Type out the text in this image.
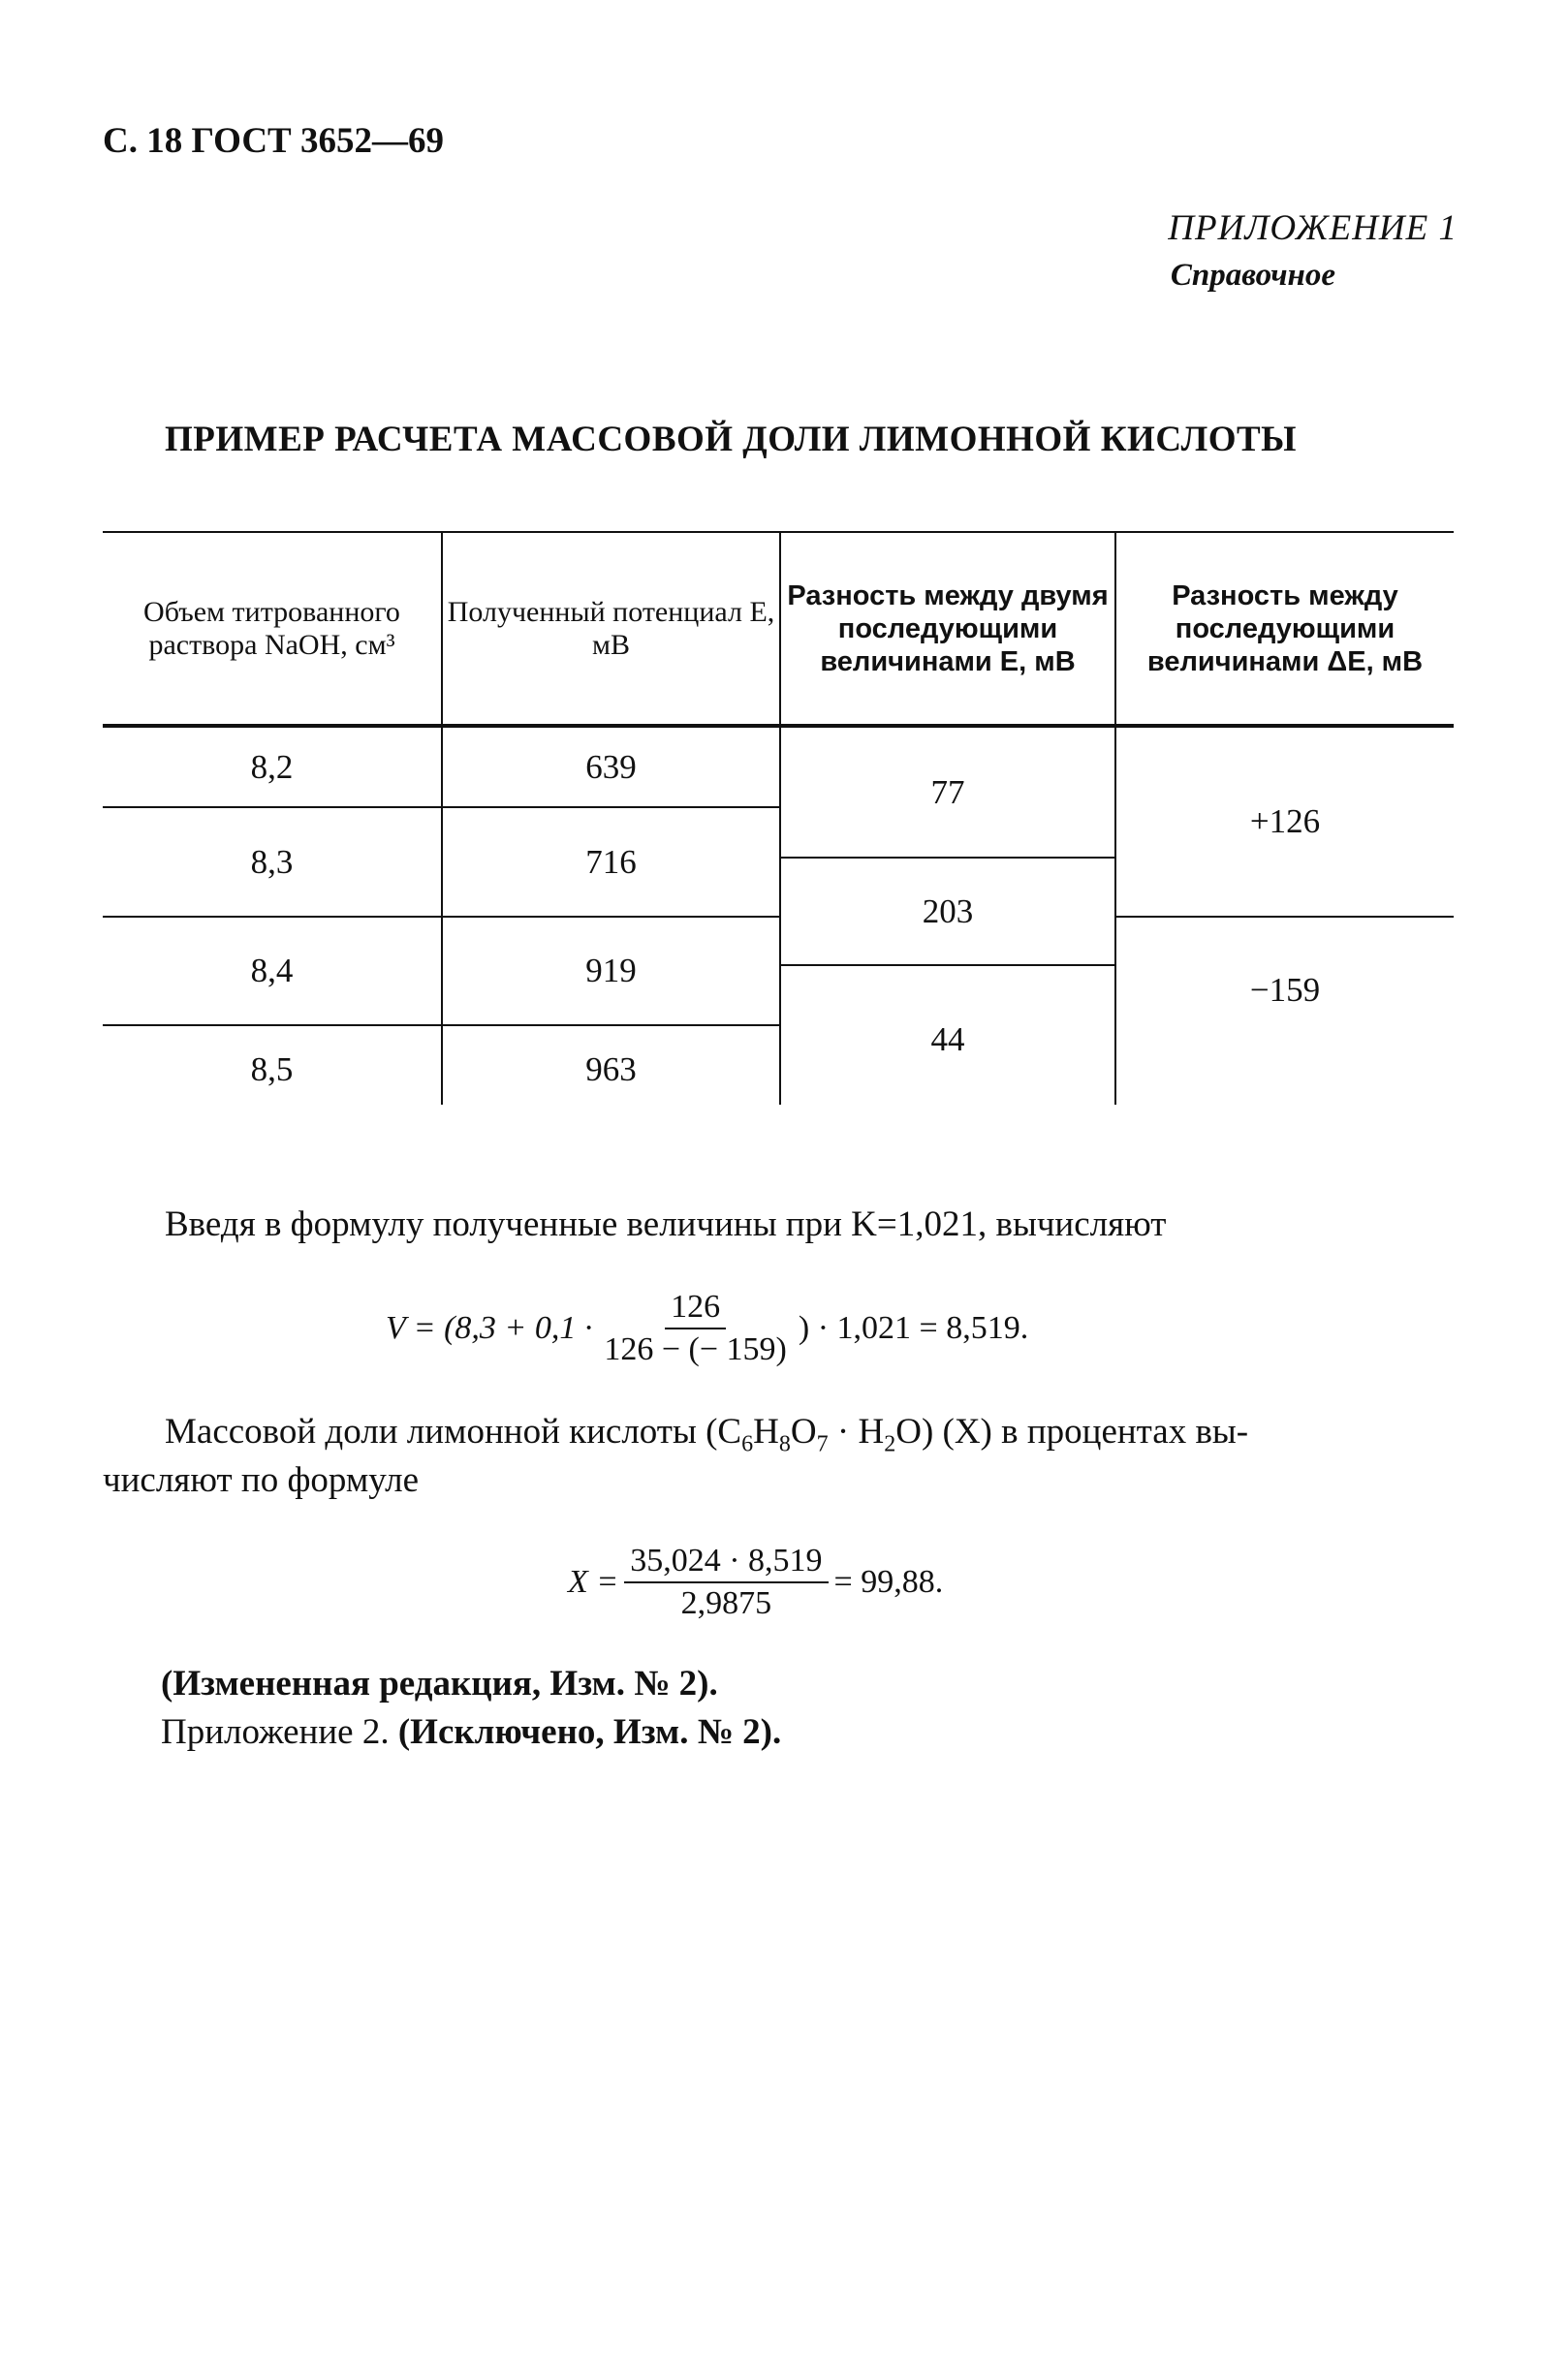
С. 18 ГОСТ 3652—69
ПРИЛОЖЕНИЕ 1
Справочное
ПРИМЕР РАСЧЕТА МАССОВОЙ ДОЛИ ЛИМОННОЙ КИСЛОТЫ
Объем титрованного раствора NaOH, см³
Полученный потенциал E, мВ
Разность между двумя последующими величинами E, мВ
Разность между последующими величинами ΔE, мВ
8,2
8,3
8,4
8,5
639
716
919
963
77
203
44
+126
−159
Введя в формулу полученные величины при K=1,021, вычисляют
$V = (8,3 + 0,1 \cdot \frac{126}{126 - (- 159)}$ ) · 1,021 = 8,519.
Массовой доли лимонной кислоты $(C_6H_8O_7 \cdot H_2O)$ (X) в процентах вы-
числяют по формуле
$X = \frac{35,024 \cdot 8,519}{2,9875} = 99,88$.
(Измененная редакция, Изм. № 2).
Приложение 2. (Исключено, Изм. № 2).
